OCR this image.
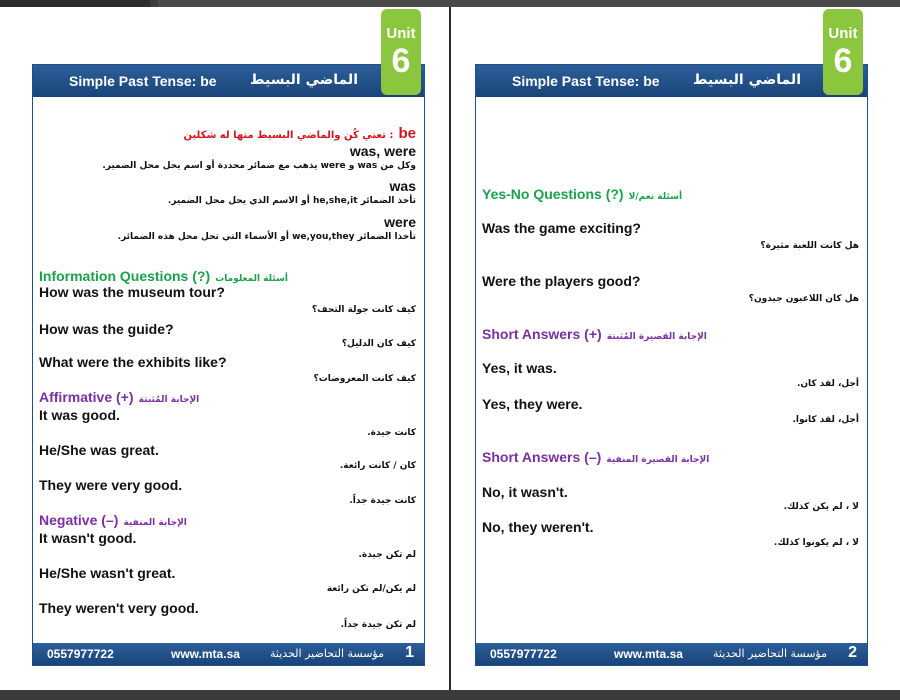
Simple Past Tense: be الماضي البسيط
تعني كُن والماضي البسيط منها له شكلين : be
was, were
وكل من was و were يذهب مع ضمائر محددة أو اسم يحل محل الضمير.
was
تأخذ الضمائر he,she,it أو الاسم الذي يحل محل الضمير.
were
تأخذا الضمائر we,you,they أو الأسماء التي تحل محل هذه الضمائر.
Information Questions (?) أسئلة المعلومات
How was the museum tour?
كيف كانت جولة التحف؟
How was the guide?
كيف كان الدليل؟
What were the exhibits like?
كيف كانت المعروضات؟
Affirmative (+) الإجابة المُثبتة
It was good.
كانت جيدة.
He/She was great.
كان / كانت رائعة.
They were very good.
كانت جيدة جداً.
Negative (–) الإجابة المنفية
It wasn't good.
لم تكن جيدة.
He/She wasn't great.
لم يكن/لم تكن رائعة
They weren't very good.
لم تكن جيدة جداً.
0557977722	www.mta.sa	مؤسسة التحاضير الحديثة 1
Unit
6
Simple Past Tense: be الماضي البسيط
Yes-No Questions (?) أسئلة نعم/لا
Was the game exciting?
هل كانت اللعبة مثيرة؟
Were the players good?
هل كان اللاعبون جيدون؟
Short Answers (+) الإجابة القصيرة المُثبتة
Yes, it was.
أجل، لقد كان.
Yes, they were.
أجل، لقد كانوا.
Short Answers (–) الإجابة القصيرة المنفية
No, it wasn't.
لا ، لم يكن كذلك.
No, they weren't.
لا ، لم يكونوا كذلك.
0557977722	www.mta.sa	مؤسسة التحاضير الحديثة 2
Unit
6
